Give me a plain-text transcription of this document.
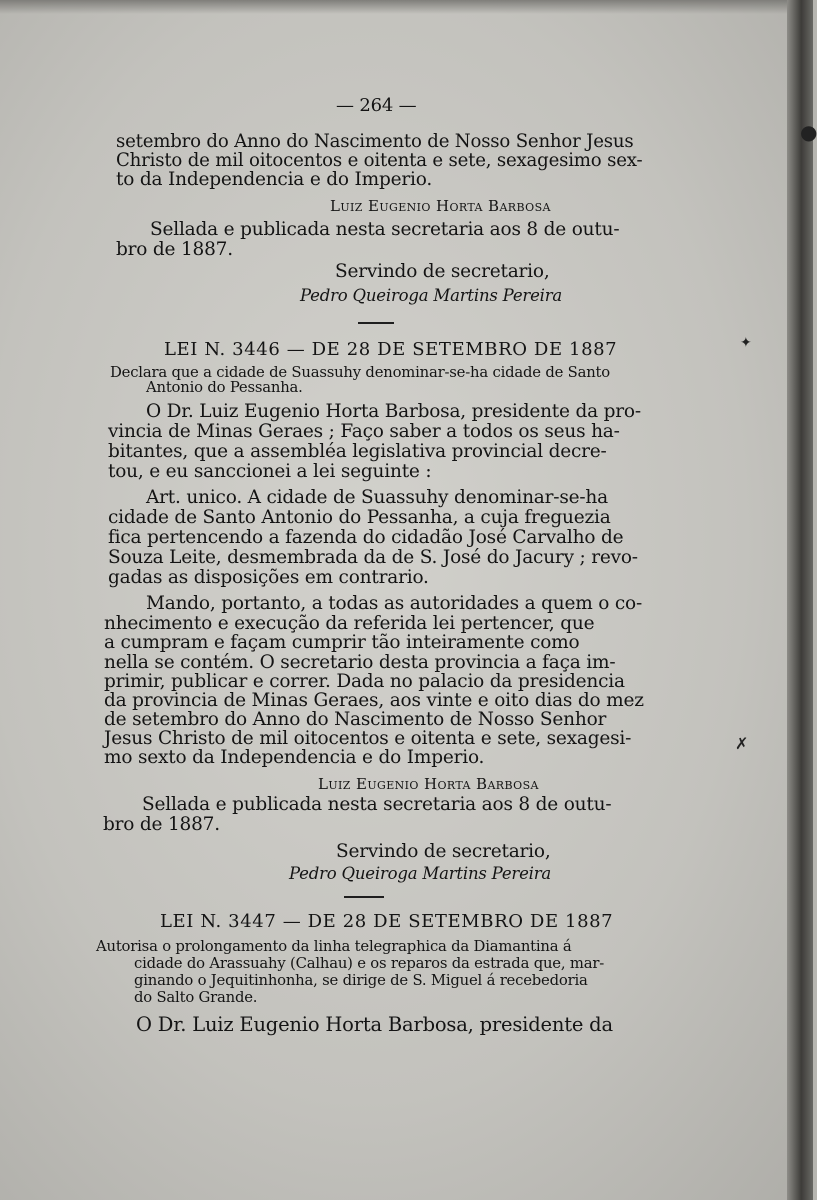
— 264 —

setembro do Anno do Nascimento de Nosso Senhor Jesus

Christo de mil oitocentos e oitenta e sete, sexagesimo sex-

to da Independencia e do Imperio.

Luiz Eugenio Horta Barbosa

Sellada e publicada nesta secretaria aos 8 de outu-

bro de 1887.

Servindo de secretario,

Pedro Queiroga Martins Pereira

LEI N. 3446 — DE 28 DE SETEMBRO DE 1887

Declara que a cidade de Suassuhy denominar-se-ha cidade de Santo

Antonio do Pessanha.

O Dr. Luiz Eugenio Horta Barbosa, presidente da pro-

vincia de Minas Geraes ; Faço saber a todos os seus ha-

bitantes, que a assembléa legislativa provincial decre-

tou, e eu sanccionei a lei seguinte :

Art. unico. A cidade de Suassuhy denominar-se-ha

cidade de Santo Antonio do Pessanha, a cuja freguezia

fica pertencendo a fazenda do cidadão José Carvalho de

Souza Leite, desmembrada da de S. José do Jacury ; revo-

gadas as disposições em contrario.

Mando, portanto, a todas as autoridades a quem o co-

nhecimento e execução da referida lei pertencer, que

a cumpram e façam cumprir tão inteiramente como

nella se contém. O secretario desta provincia a faça im-

primir, publicar e correr. Dada no palacio da presidencia

da provincia de Minas Geraes, aos vinte e oito dias do mez

de setembro do Anno do Nascimento de Nosso Senhor

Jesus Christo de mil oitocentos e oitenta e sete, sexagesi-

mo sexto da Independencia e do Imperio.

Luiz Eugenio Horta Barbosa

Sellada e publicada nesta secretaria aos 8 de outu-

bro de 1887.

Servindo de secretario,

Pedro Queiroga Martins Pereira

LEI N. 3447 — DE 28 DE SETEMBRO DE 1887

Autorisa o prolongamento da linha telegraphica da Diamantina á

cidade do Arassuahy (Calhau) e os reparos da estrada que, mar-

ginando o Jequitinhonha, se dirige de S. Miguel á recebedoria

do Salto Grande.

O Dr. Luiz Eugenio Horta Barbosa, presidente da

●
✦
✗
